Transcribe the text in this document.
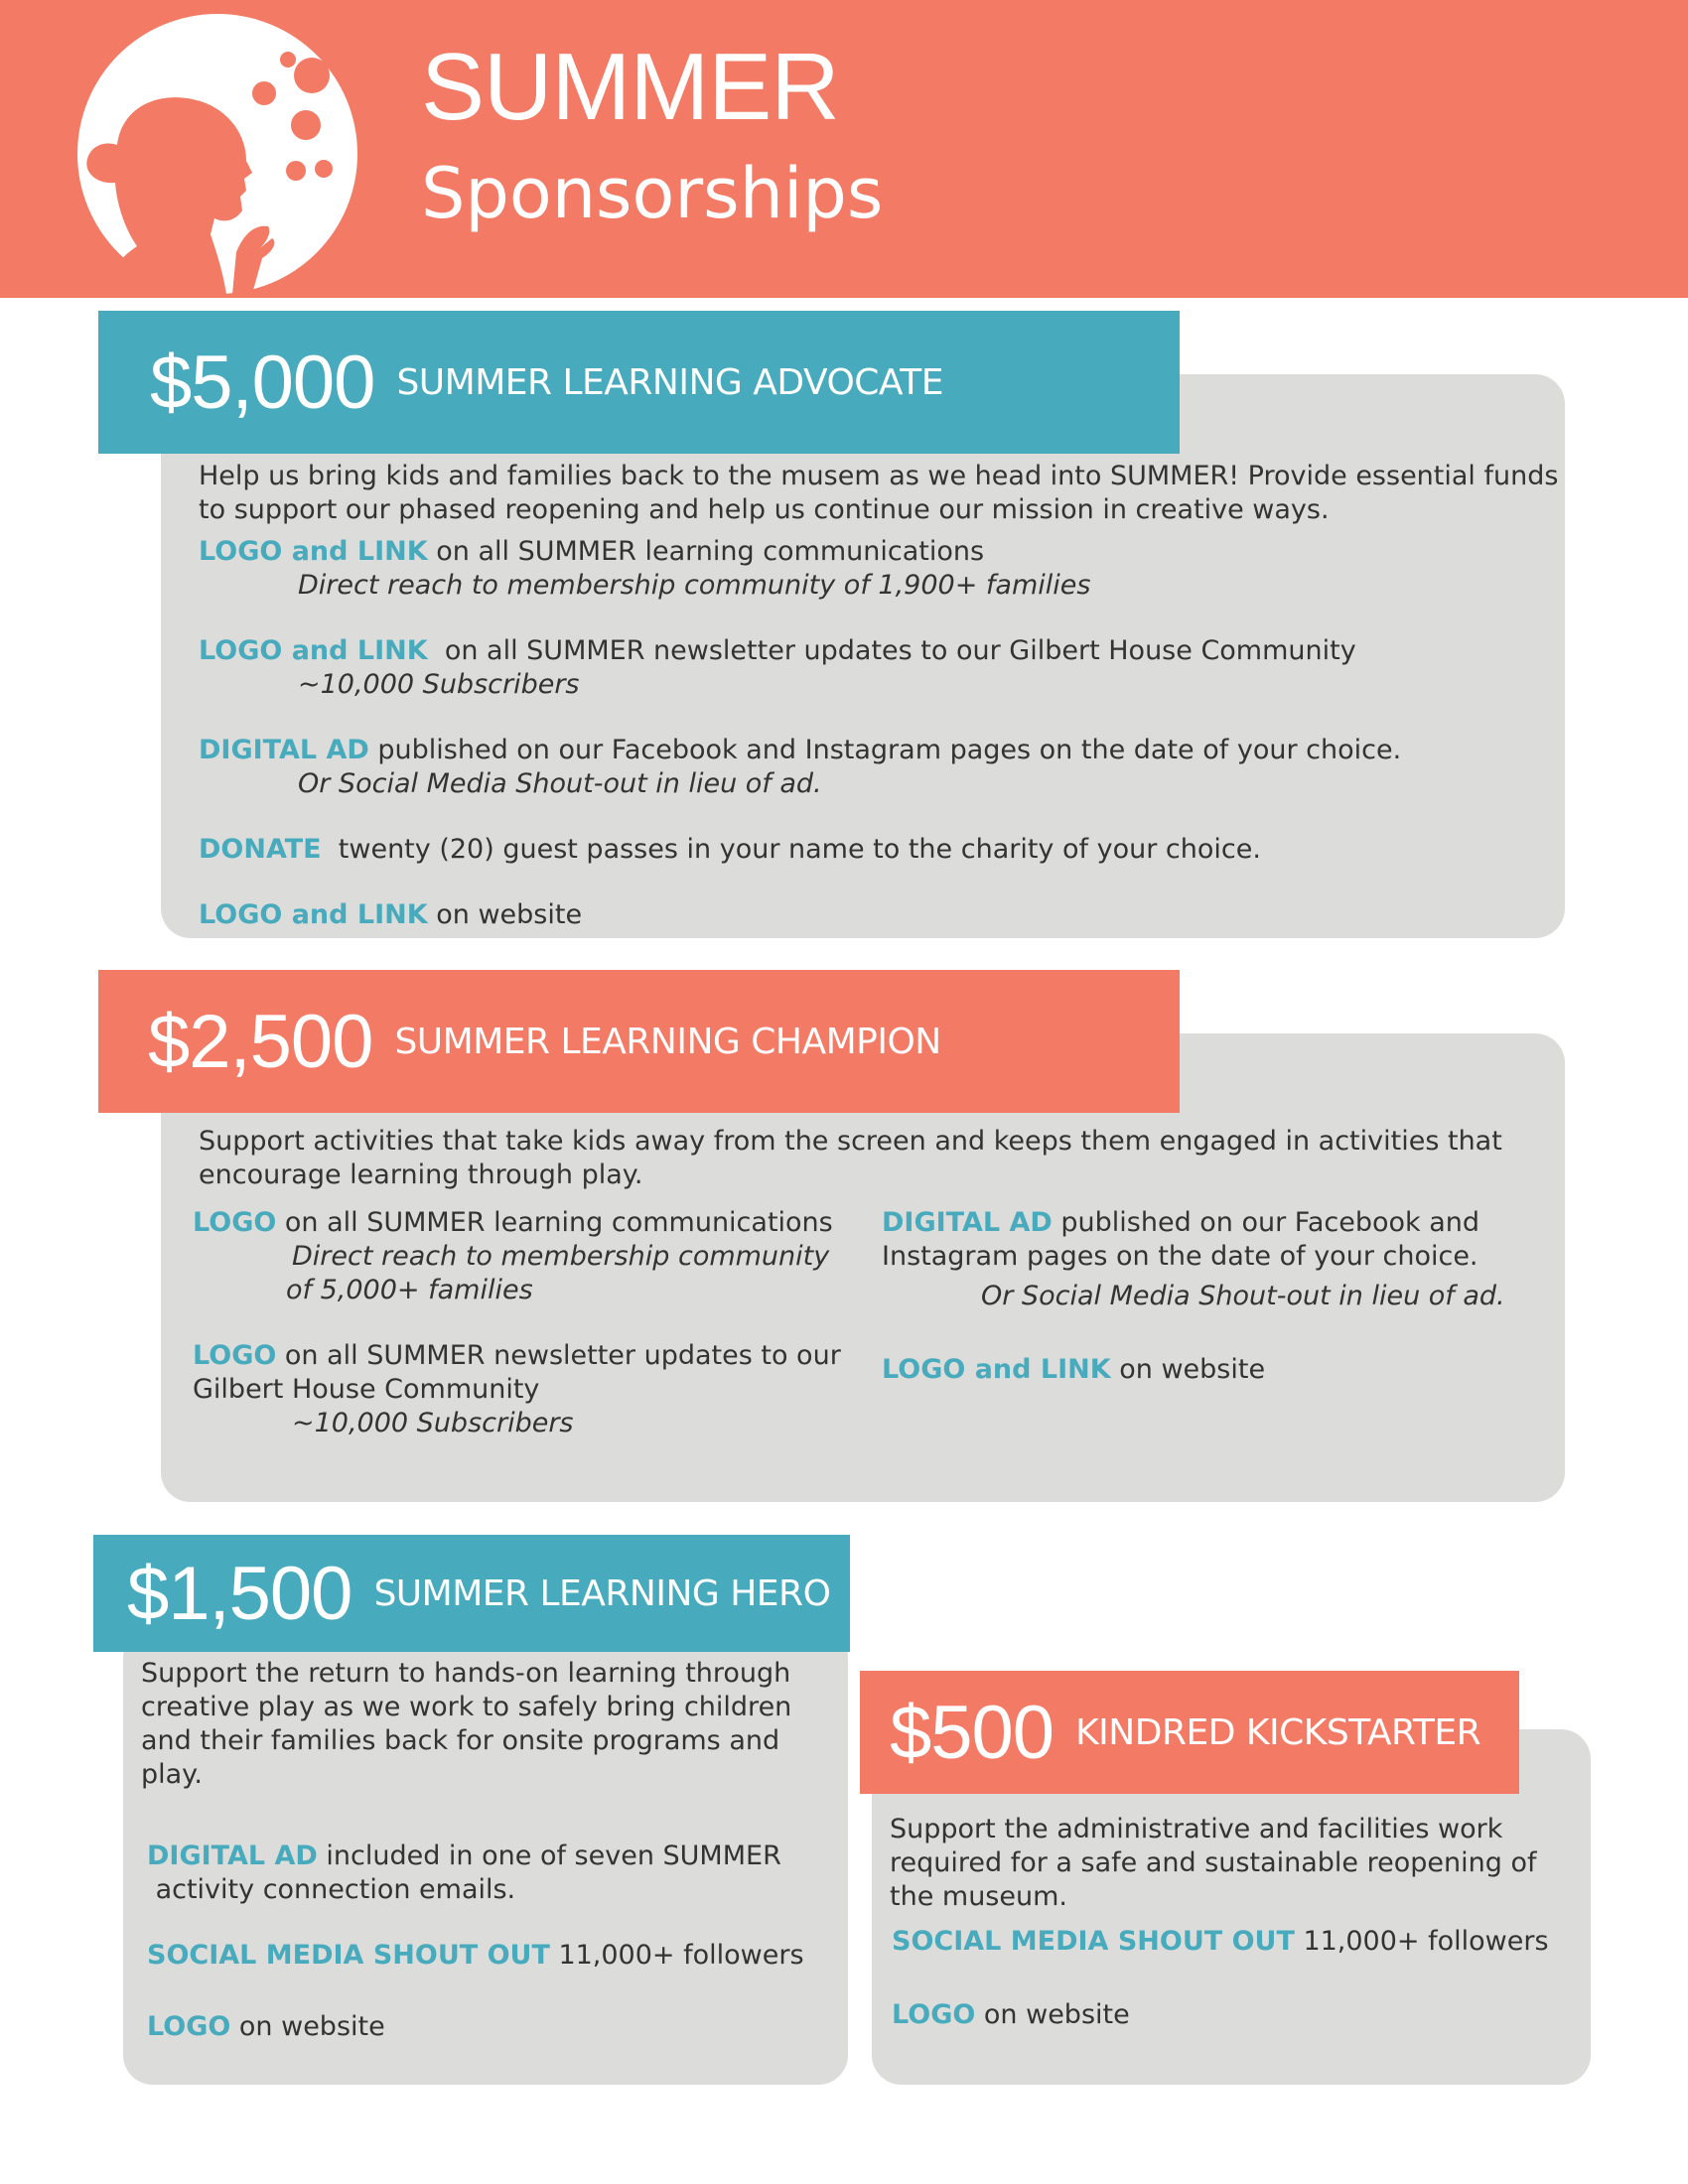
SUMMER
Sponsorships
$5,000 SUMMER LEARNING ADVOCATE
Help us bring kids and families back to the musem as we head into SUMMER! Provide essential funds
to support our phased reopening and help us continue our mission in creative ways.
LOGO and LINK on all SUMMER learning communications
Direct reach to membership community of 1,900+ families
LOGO and LINK  on all SUMMER newsletter updates to our Gilbert House Community
~10,000 Subscribers
DIGITAL AD published on our Facebook and Instagram pages on the date of your choice.
Or Social Media Shout-out in lieu of ad.
DONATE  twenty (20) guest passes in your name to the charity of your choice.
LOGO and LINK on website
$2,500 SUMMER LEARNING CHAMPION
Support activities that take kids away from the screen and keeps them engaged in activities that
encourage learning through play.
LOGO on all SUMMER learning communications
Direct reach to membership community
of 5,000+ families
LOGO on all SUMMER newsletter updates to our
Gilbert House Community
~10,000 Subscribers
DIGITAL AD published on our Facebook and
Instagram pages on the date of your choice.
Or Social Media Shout-out in lieu of ad.
LOGO and LINK on website
$1,500 SUMMER LEARNING HERO
Support the return to hands-on learning through
creative play as we work to safely bring children
and their families back for onsite programs and
play.
DIGITAL AD included in one of seven SUMMER
activity connection emails.
SOCIAL MEDIA SHOUT OUT 11,000+ followers
LOGO on website
$500 KINDRED KICKSTARTER
Support the administrative and facilities work
required for a safe and sustainable reopening of
the museum.
SOCIAL MEDIA SHOUT OUT 11,000+ followers
LOGO on website
